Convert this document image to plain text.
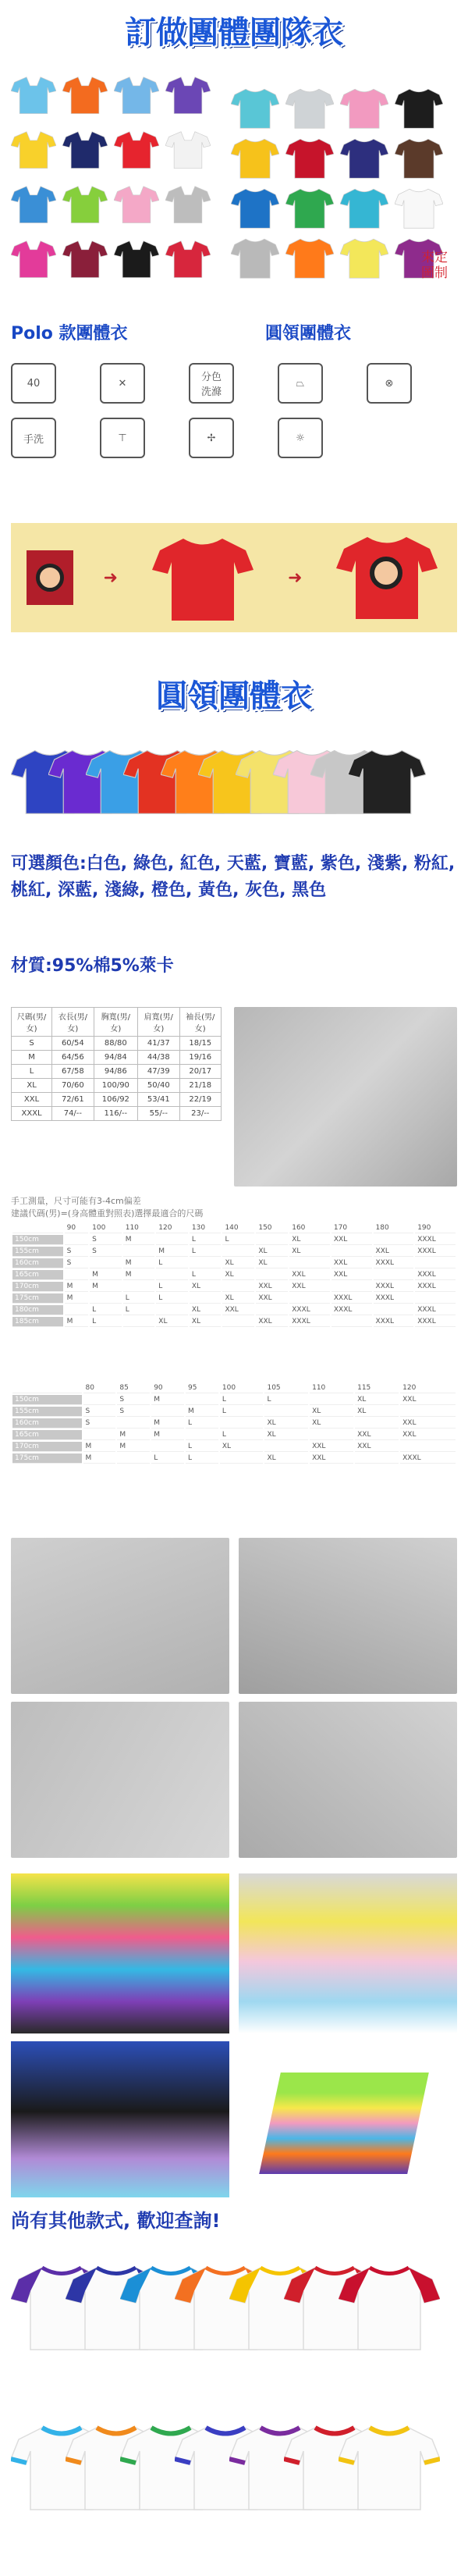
訂做團體團隊衣
來定
圖制
Polo 款團體衣	圓領團體衣
40	✕	分色
洗滌
⏢	⊗
手洗	⊤	✢	☼
➜	➜
圓領團體衣
可選顏色:白色, 綠色, 紅色, 天藍, 寶藍, 紫色, 淺紫, 粉紅, 桃紅, 深藍, 淺綠, 橙色, 黃色, 灰色, 黑色
材質:95%棉5%萊卡
尺碼(男/女)	衣長(男/女)	胸寬(男/女)	肩寬(男/女)	袖長(男/女)
S	60/54	88/80	41/37	18/15
M	64/56	94/84	44/38	19/16
L	67/58	94/86	47/39	20/17
XL	70/60	100/90	50/40	21/18
XXL	72/61	106/92	53/41	22/19
XXXL	74/--	116/--	55/--	23/--
手工測量，尺寸可能有3-4cm偏差
建議代碼(男)=(身高體重對照表)選擇最適合的尺碼
	90	100	110	120	130	140	150	160	170	180	190
150cm		S	M		L	L		XL	XXL		XXXL
155cm	S	S		M	L		XL	XL		XXL	XXXL
160cm	S		M	L		XL	XL		XXL	XXXL	
165cm		M	M		L	XL		XXL	XXL		XXXL
170cm	M	M		L	XL		XXL	XXL		XXXL	XXXL
175cm	M		L	L		XL	XXL		XXXL	XXXL	
180cm		L	L		XL	XXL		XXXL	XXXL		XXXL
185cm	M	L		XL	XL		XXL	XXXL		XXXL	XXXL
	80	85	90	95	100	105	110	115	120
150cm		S	M		L	L		XL	XXL
155cm	S	S		M	L		XL	XL	
160cm	S		M	L		XL	XL		XXL
165cm		M	M		L	XL		XXL	XXL
170cm	M	M		L	XL		XXL	XXL	
175cm	M		L	L		XL	XXL		XXXL
尚有其他款式, 歡迎查詢!
